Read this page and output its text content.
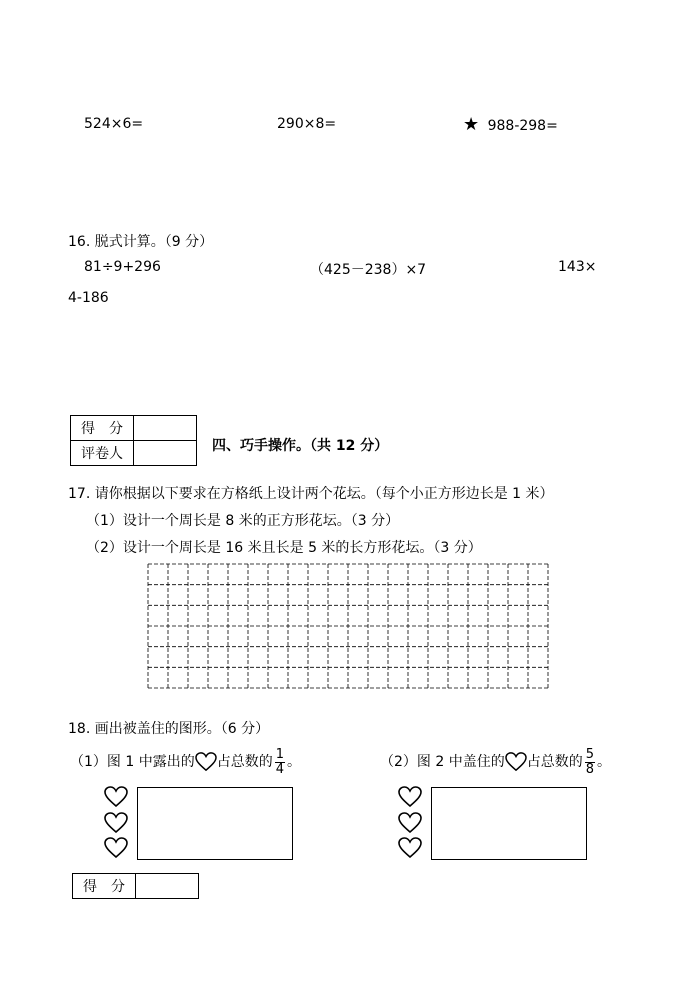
524×6=	290×8=	★ 988-298=
16. 脱式计算。（9 分）
81÷9+296	（425－238）×7	143×
4-186
得　分	
评卷人		四、巧手操作。（共 12 分）
17. 请你根据以下要求在方格纸上设计两个花坛。（每个小正方形边长是 1 米）
（1）设计一个周长是 8 米的正方形花坛。（3 分）
（2）设计一个周长是 16 米且长是 5 米的长方形花坛。（3 分）
18. 画出被盖住的图形。（6 分）
（1）图 1 中露出的 占总数的 $\frac{1}{4}$ 。	（2）图 2 中盖住的 占总数的 $\frac{5}{8}$ 。
得　分	
